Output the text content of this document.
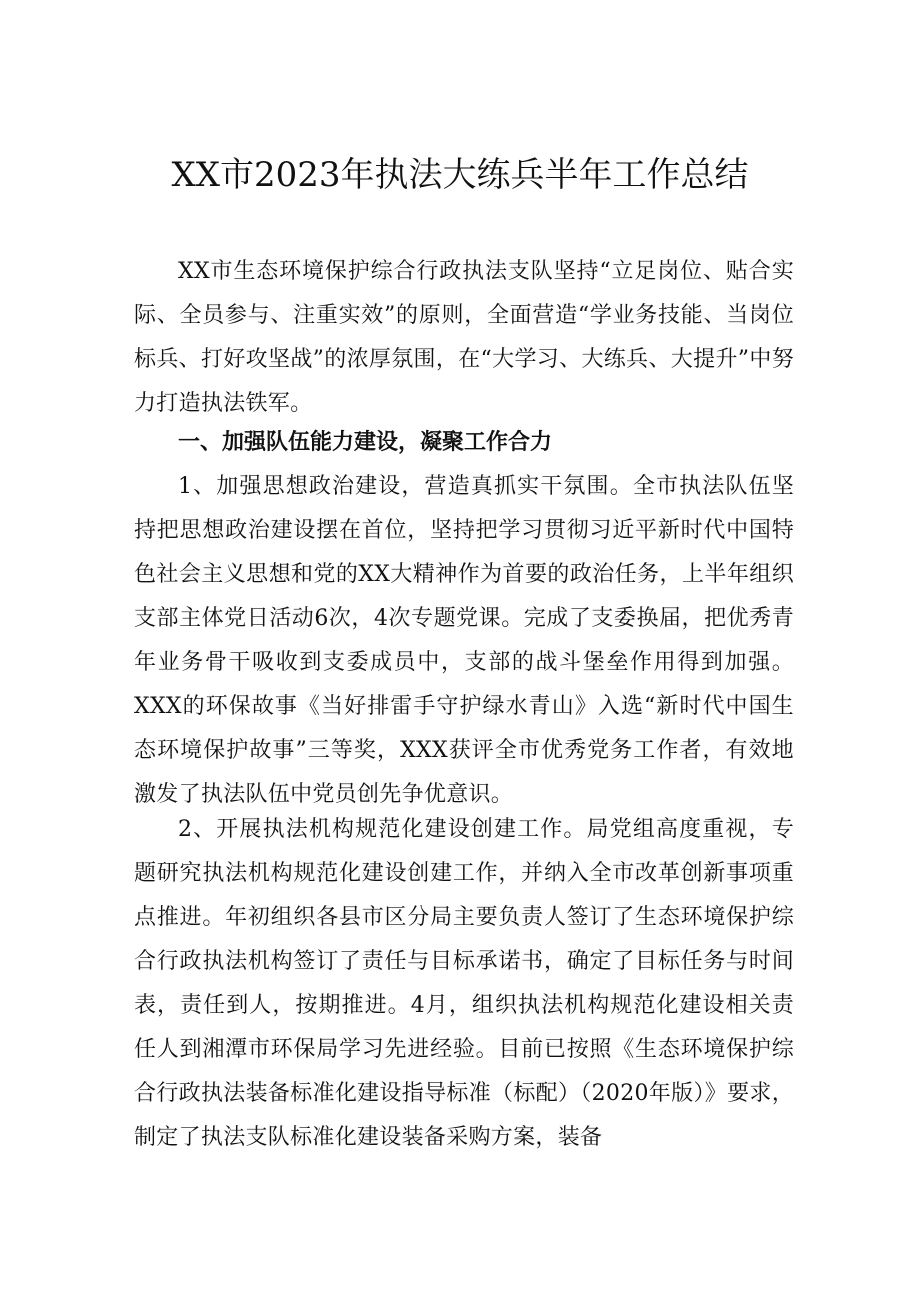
XX市2023年执法大练兵半年工作总结

XX市生态环境保护综合行政执法支队坚持“立足岗位、贴合实际、全员参与、注重实效”的原则，全面营造“学业务技能、当岗位标兵、打好攻坚战”的浓厚氛围，在“大学习、大练兵、大提升”中努力打造执法铁军。

一、加强队伍能力建设，凝聚工作合力

1、加强思想政治建设，营造真抓实干氛围。全市执法队伍坚持把思想政治建设摆在首位，坚持把学习贯彻习近平新时代中国特色社会主义思想和党的XX大精神作为首要的政治任务，上半年组织支部主体党日活动6次，4次专题党课。完成了支委换届，把优秀青年业务骨干吸收到支委成员中，支部的战斗堡垒作用得到加强。XXX的环保故事《当好排雷手守护绿水青山》入选“新时代中国生态环境保护故事”三等奖，XXX获评全市优秀党务工作者，有效地激发了执法队伍中党员创先争优意识。

2、开展执法机构规范化建设创建工作。局党组高度重视，专题研究执法机构规范化建设创建工作，并纳入全市改革创新事项重点推进。年初组织各县市区分局主要负责人签订了生态环境保护综合行政执法机构签订了责任与目标承诺书，确定了目标任务与时间表，责任到人，按期推进。4月，组织执法机构规范化建设相关责任人到湘潭市环保局学习先进经验。目前已按照《生态环境保护综合行政执法装备标准化建设指导标准（标配）（2020年版）》要求，制定了执法支队标准化建设装备采购方案，装备
